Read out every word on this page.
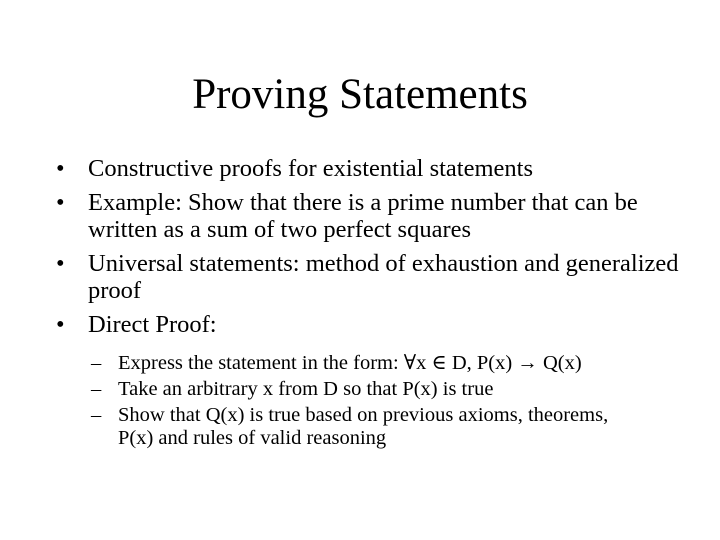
Proving Statements
• Constructive proofs for existential statements
• Example: Show that there is a prime number that can be written as a sum of two perfect squares
• Universal statements: method of exhaustion and generalized proof
• Direct Proof:
– Express the statement in the form: ∀x ∈ D, P(x) → Q(x)
– Take an arbitrary x from D so that P(x) is true
– Show that Q(x) is true based on previous axioms, theorems, P(x) and rules of valid reasoning
